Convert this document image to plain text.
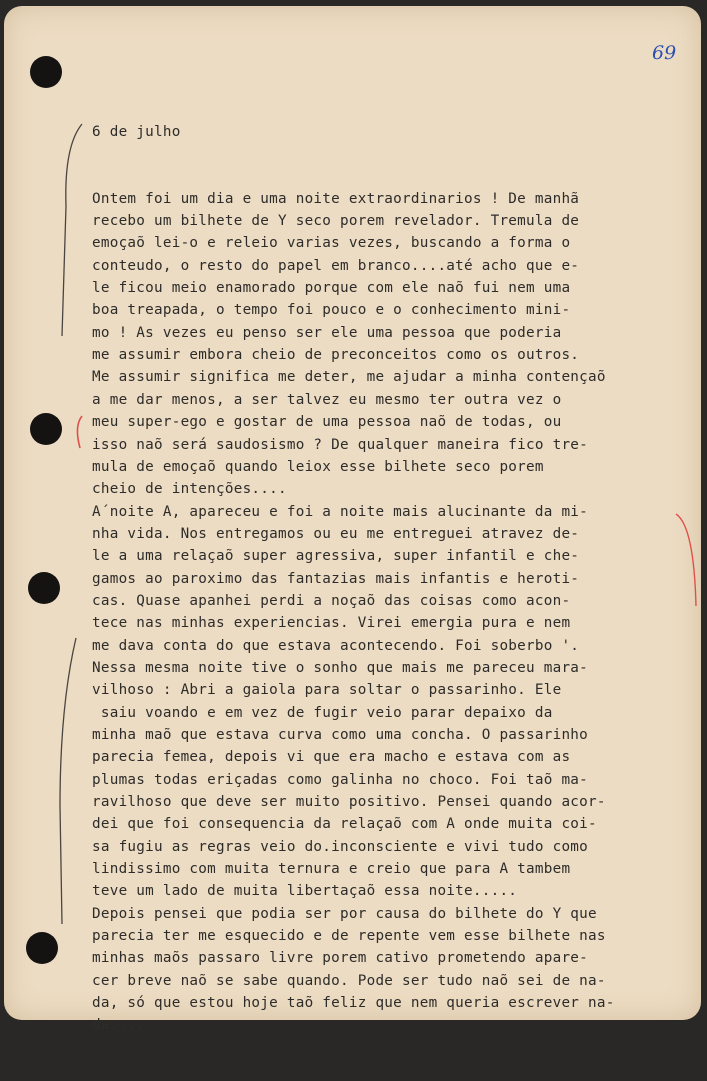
69

6 de julho

Ontem foi um dia e uma noite extraordinarios ! De manhã
recebo um bilhete de Y seco porem revelador. Tremula de
emoçaõ lei-o e releio varias vezes, buscando a forma o
conteudo, o resto do papel em branco....até acho que e-
le ficou meio enamorado porque com ele naõ fui nem uma
boa treapada, o tempo foi pouco e o conhecimento mini-
mo ! As vezes eu penso ser ele uma pessoa que poderia
me assumir embora cheio de preconceitos como os outros.
Me assumir significa me deter, me ajudar a minha contençaõ
a me dar menos, a ser talvez eu mesmo ter outra vez o
meu super-ego e gostar de uma pessoa naõ de todas, ou
isso naõ será saudosismo ? De qualquer maneira fico tre-
mula de emoçaõ quando leiox esse bilhete seco porem
cheio de intenções....
A´noite A, apareceu e foi a noite mais alucinante da mi-
nha vida. Nos entregamos ou eu me entreguei atravez de-
le a uma relaçaõ super agressiva, super infantil e che-
gamos ao paroximo das fantazias mais infantis e heroti-
cas. Quase apanhei perdi a noçaõ das coisas como acon-
tece nas minhas experiencias. Virei emergia pura e nem
me dava conta do que estava acontecendo. Foi soberbo '.
Nessa mesma noite tive o sonho que mais me pareceu mara-
vilhoso : Abri a gaiola para soltar o passarinho. Ele
saiu voando e em vez de fugir veio parar depaixo da
minha maõ que estava curva como uma concha. O passarinho
parecia femea, depois vi que era macho e estava com as
plumas todas eriçadas como galinha no choco. Foi taõ ma-
ravilhoso que deve ser muito positivo. Pensei quando acor-
dei que foi consequencia da relaçaõ com A onde muita coi-
sa fugiu as regras veio do.inconsciente e vivi tudo como
lindissimo com muita ternura e creio que para A tambem
teve um lado de muita libertaçaõ essa noite.....
Depois pensei que podia ser por causa do bilhete do Y que
parecia ter me esquecido e de repente vem esse bilhete nas
minhas maõs passaro livre porem cativo prometendo apare-
cer breve naõ se sabe quando. Pode ser tudo naõ sei de na-
da, só que estou hoje taõ feliz que nem queria escrever na-
da....
